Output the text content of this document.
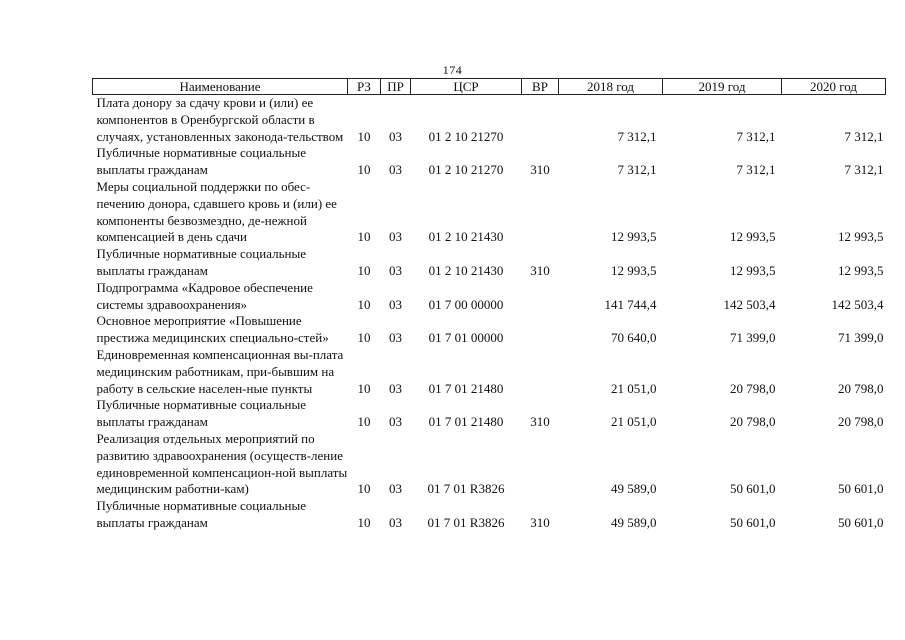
174
Наименование	РЗ	ПР	ЦСР	ВР	2018 год	2019 год	2020 год
Плата донору за сдачу крови и (или) ее компонентов в Оренбургской области в случаях, установленных законода-тельством	10	03	01 2 10 21270		7 312,1	7 312,1	7 312,1
Публичные нормативные социальные выплаты гражданам	10	03	01 2 10 21270	310	7 312,1	7 312,1	7 312,1
Меры социальной поддержки по обес-печению донора, сдавшего кровь и (или) ее компоненты безвозмездно, де-нежной компенсацией в день сдачи	10	03	01 2 10 21430		12 993,5	12 993,5	12 993,5
Публичные нормативные социальные выплаты гражданам	10	03	01 2 10 21430	310	12 993,5	12 993,5	12 993,5
Подпрограмма «Кадровое обеспечение системы здравоохранения»	10	03	01 7 00 00000		141 744,4	142 503,4	142 503,4
Основное мероприятие «Повышение престижа медицинских специально-стей»	10	03	01 7 01 00000		70 640,0	71 399,0	71 399,0
Единовременная компенсационная вы-плата медицинским работникам, при-бывшим на работу в сельские населен-ные пункты	10	03	01 7 01 21480		21 051,0	20 798,0	20 798,0
Публичные нормативные социальные выплаты гражданам	10	03	01 7 01 21480	310	21 051,0	20 798,0	20 798,0
Реализация отдельных мероприятий по развитию здравоохранения (осуществ-ление единовременной компенсацион-ной выплаты медицинским работни-кам)	10	03	01 7 01 R3826		49 589,0	50 601,0	50 601,0
Публичные нормативные социальные выплаты гражданам	10	03	01 7 01 R3826	310	49 589,0	50 601,0	50 601,0
